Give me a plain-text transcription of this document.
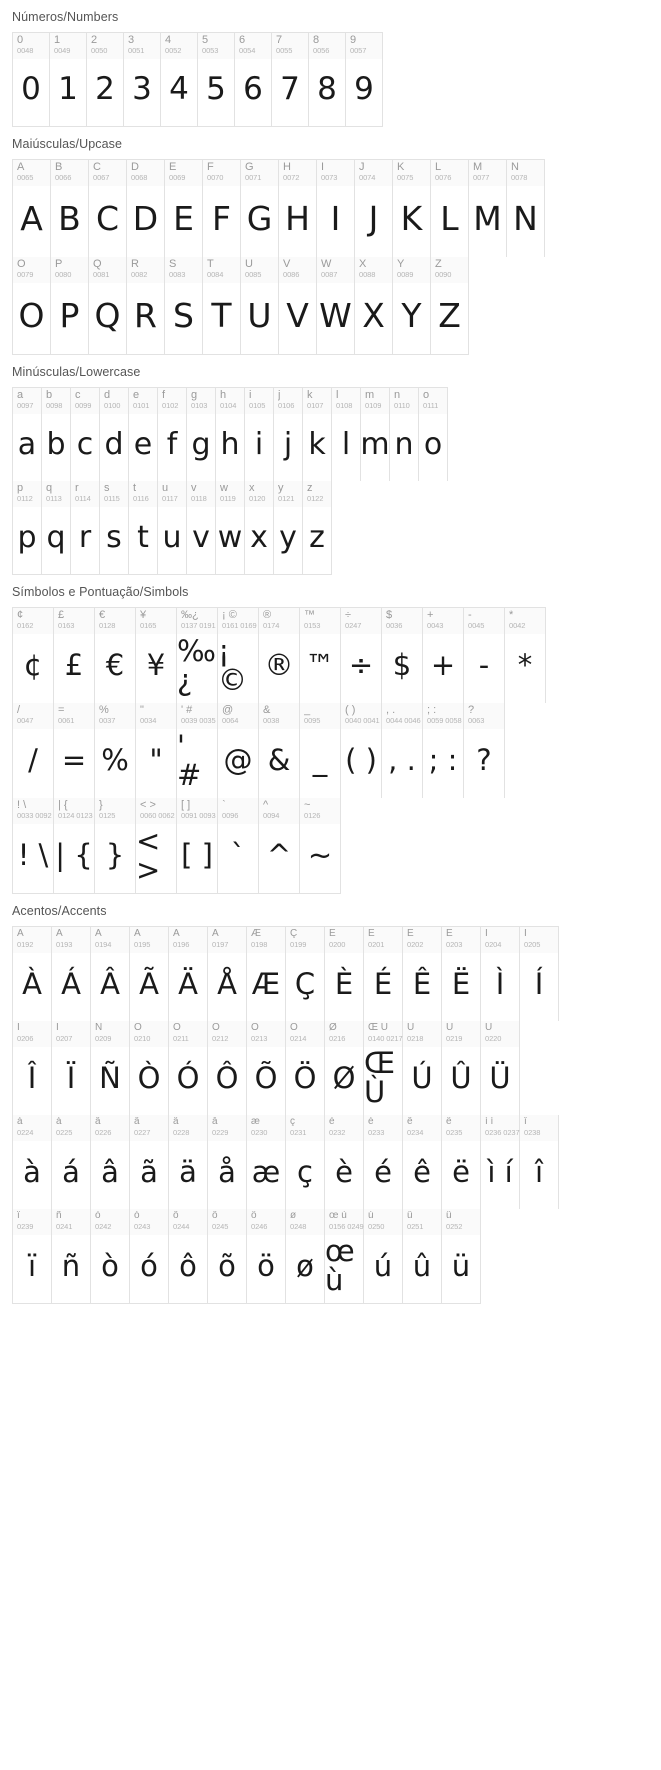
Números/Numbers
0
0048
0
1
0049
1
2
0050
2
3
0051
3
4
0052
4
5
0053
5
6
0054
6
7
0055
7
8
0056
8
9
0057
9
Maiúsculas/Upcase
A
0065
A
B
0066
B
C
0067
C
D
0068
D
E
0069
E
F
0070
F
G
0071
G
H
0072
H
I
0073
I
J
0074
J
K
0075
K
L
0076
L
M
0077
M
N
0078
N
O
0079
O
P
0080
P
Q
0081
Q
R
0082
R
S
0083
S
T
0084
T
U
0085
U
V
0086
V
W
0087
W
X
0088
X
Y
0089
Y
Z
0090
Z
Minúsculas/Lowercase
a
0097
a
b
0098
b
c
0099
c
d
0100
d
e
0101
e
f
0102
f
g
0103
g
h
0104
h
i
0105
i
j
0106
j
k
0107
k
l
0108
l
m
0109
m
n
0110
n
o
0111
o
p
0112
p
q
0113
q
r
0114
r
s
0115
s
t
0116
t
u
0117
u
v
0118
v
w
0119
w
x
0120
x
y
0121
y
z
0122
z
Símbolos e Pontuação/Simbols
¢
0162
¢
£
0163
£
€
0128
€
¥
0165
¥
‰¿
0137 0191
‰¿
¡ ©
0161 0169
¡ ©
®
0174
®
™
0153
™
÷
0247
÷
$
0036
$
+
0043
+
-
0045
-
*
0042
*
/
0047
/
=
0061
=
%
0037
%
"
0034
"
' #
0039 0035
' #
@
0064
@
&
0038
&
_
0095
_
( )
0040 0041
( )
, .
0044 0046
, .
; :
0059 0058
; :
?
0063
?
! \
0033 0092
! \
| {
0124 0123
| {
}
0125
}
< >
0060 0062
< >
[ ]
0091 0093
[ ]
`
0096
`
^
0094
^
~
0126
~
Acentos/Accents
À
0192
À
Á
0193
Á
Â
0194
Â
Ã
0195
Ã
Ä
0196
Ä
Å
0197
Å
Æ
0198
Æ
Ç
0199
Ç
È
0200
È
É
0201
É
Ê
0202
Ê
Ë
0203
Ë
Ì
0204
Ì
Í
0205
Í
Î
0206
Î
Ï
0207
Ï
Ñ
0209
Ñ
Ò
0210
Ò
Ó
0211
Ó
Ô
0212
Ô
Õ
0213
Õ
Ö
0214
Ö
Ø
0216
Ø
Œ Ù
0140 0217
Œ Ù
Ú
0218
Ú
Û
0219
Û
Ü
0220
Ü
à
0224
à
á
0225
á
â
0226
â
ã
0227
ã
ä
0228
ä
å
0229
å
æ
0230
æ
ç
0231
ç
è
0232
è
é
0233
é
ê
0234
ê
ë
0235
ë
ì í
0236 0237
ì í
î
0238
î
ï
0239
ï
ñ
0241
ñ
ò
0242
ò
ó
0243
ó
ô
0244
ô
õ
0245
õ
ö
0246
ö
ø
0248
ø
œ ù
0156 0249
œ ù
ú
0250
ú
û
0251
û
ü
0252
ü
